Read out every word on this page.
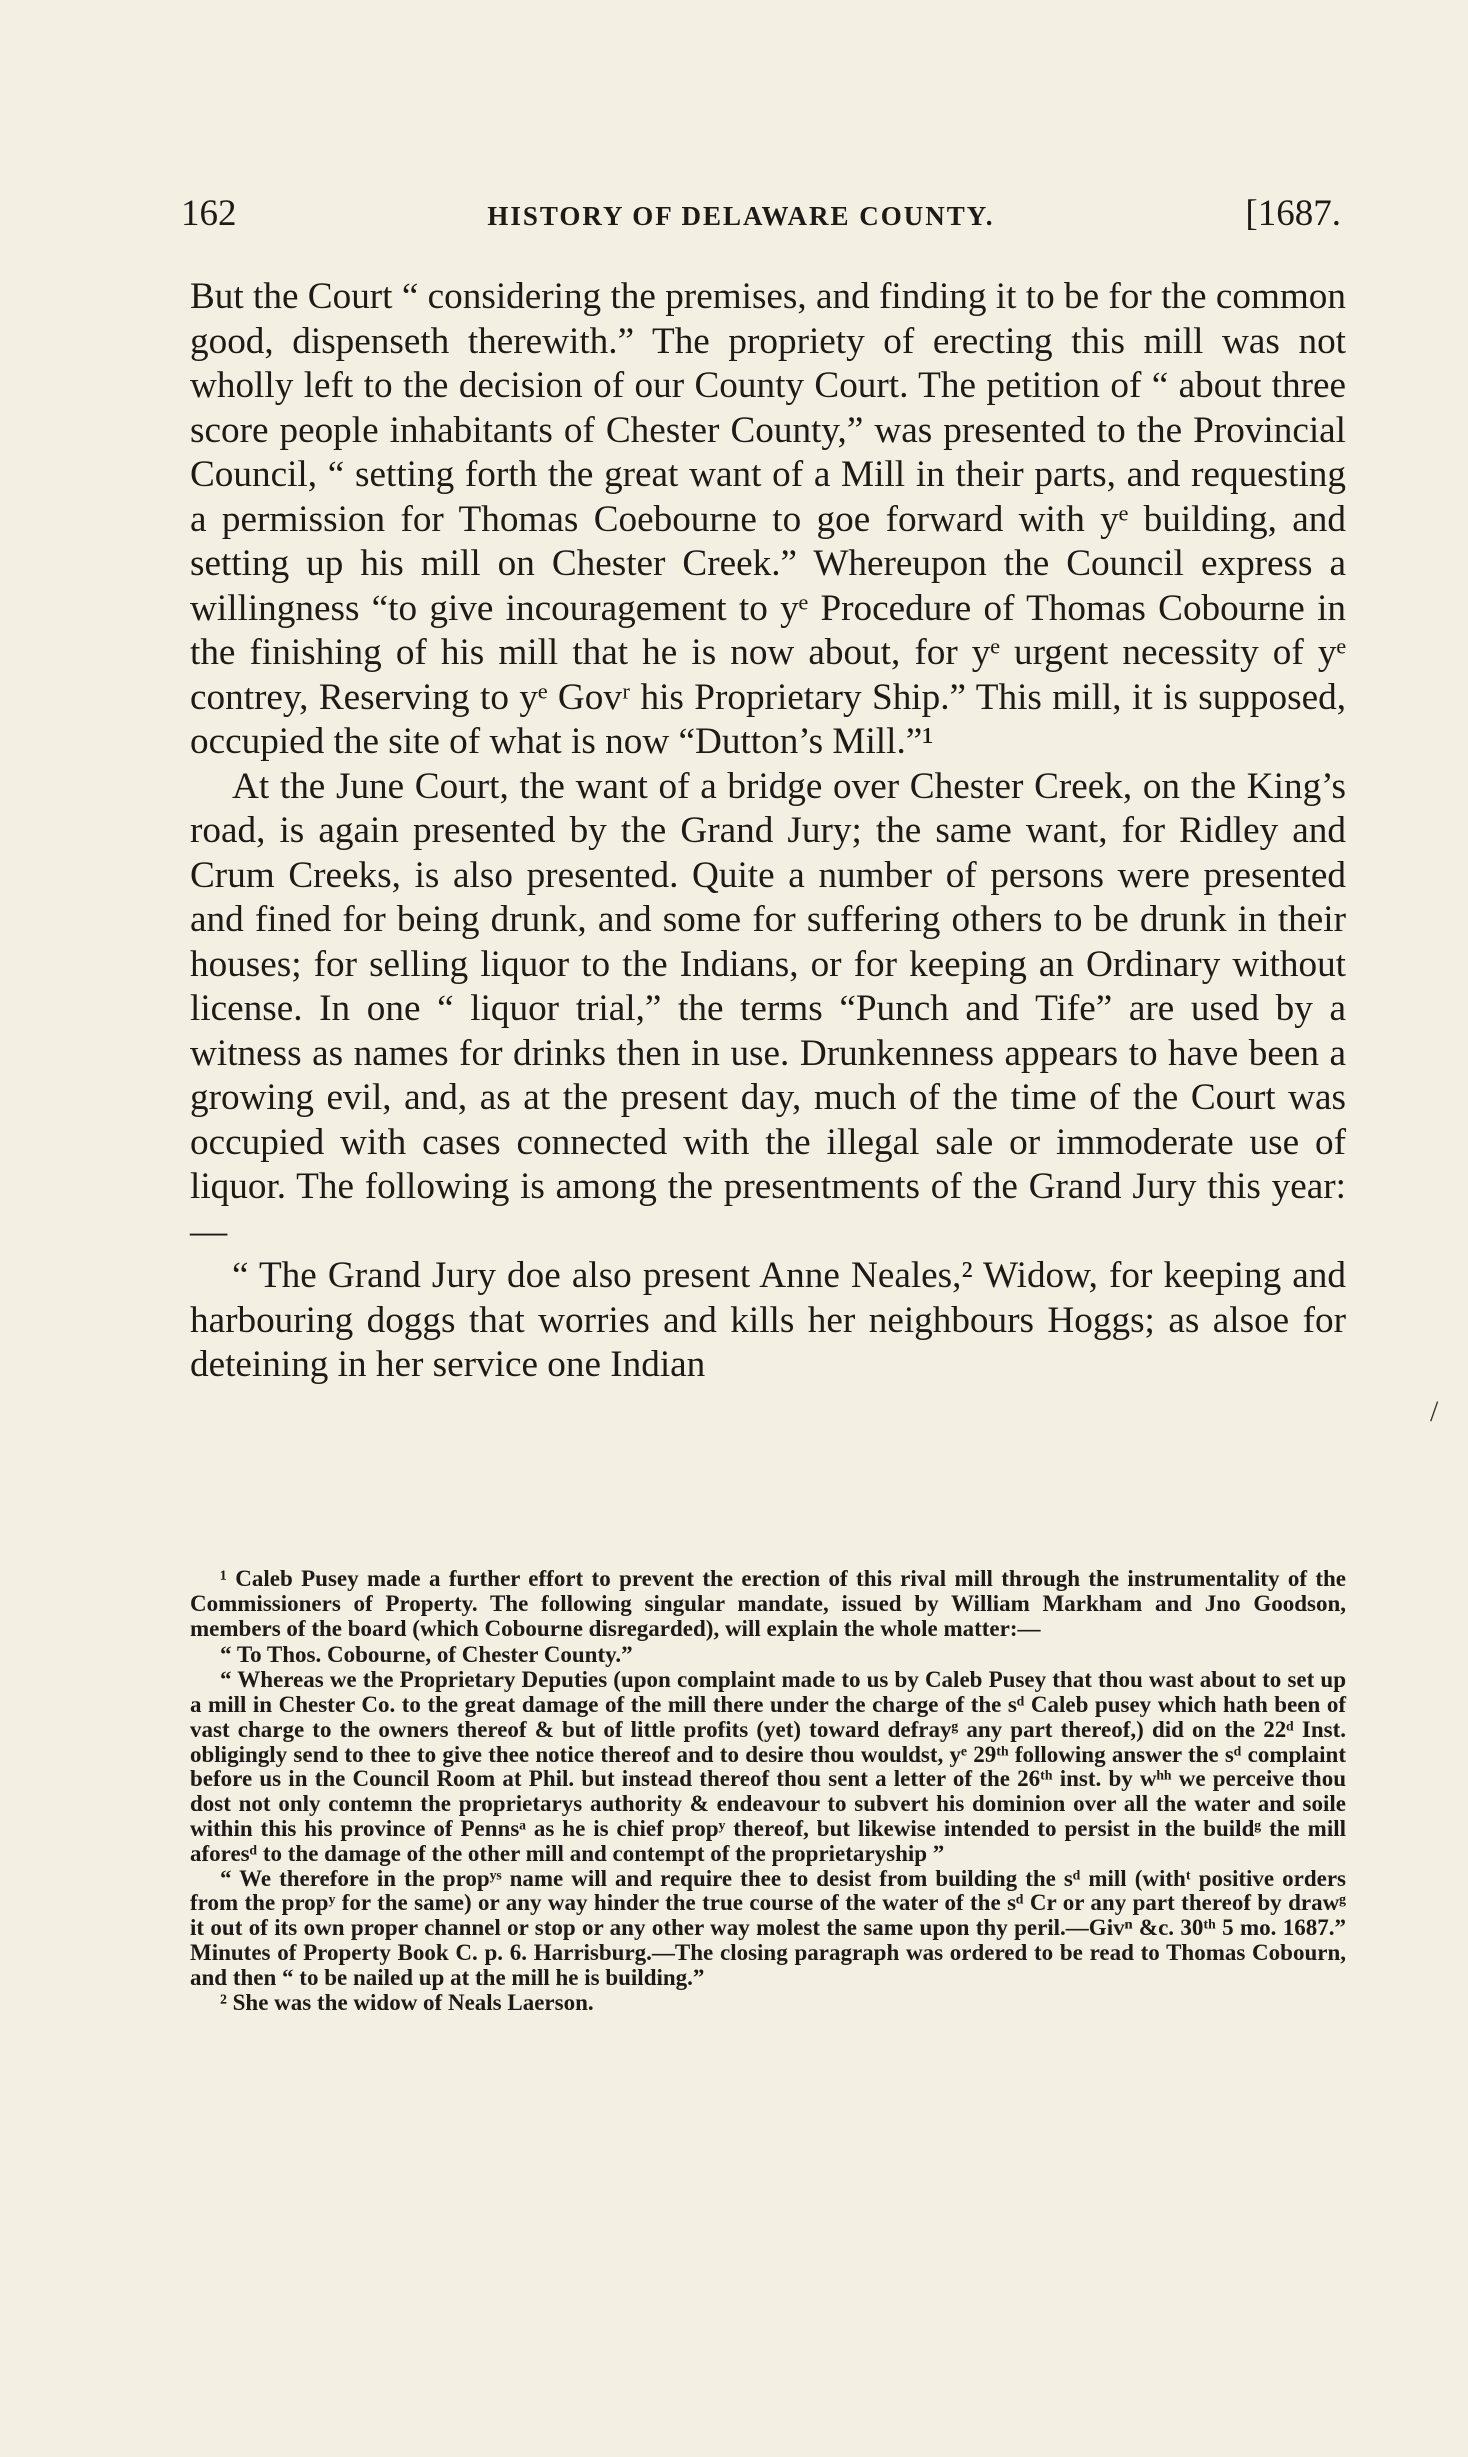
162	HISTORY OF DELAWARE COUNTY.	[1687.

But the Court “ considering the premises, and finding it to be for the common good, dispenseth therewith.” The propriety of erecting this mill was not wholly left to the decision of our County Court. The petition of “ about three score people inhabitants of Chester County,” was presented to the Provincial Council, “ setting forth the great want of a Mill in their parts, and requesting a permission for Thomas Coebourne to goe forward with yᵉ building, and setting up his mill on Chester Creek.” Whereupon the Council express a willingness “to give incouragement to yᵉ Procedure of Thomas Cobourne in the finishing of his mill that he is now about, for yᵉ urgent necessity of yᵉ contrey, Reserving to yᵉ Govʳ his Proprietary Ship.” This mill, it is supposed, occupied the site of what is now “Dutton’s Mill.”¹

At the June Court, the want of a bridge over Chester Creek, on the King’s road, is again presented by the Grand Jury; the same want, for Ridley and Crum Creeks, is also presented. Quite a number of persons were presented and fined for being drunk, and some for suffering others to be drunk in their houses; for selling liquor to the Indians, or for keeping an Ordinary without license. In one “ liquor trial,” the terms “Punch and Tife” are used by a witness as names for drinks then in use. Drunkenness appears to have been a growing evil, and, as at the present day, much of the time of the Court was occupied with cases connected with the illegal sale or immoderate use of liquor. The following is among the presentments of the Grand Jury this year:—

“ The Grand Jury doe also present Anne Neales,² Widow, for keeping and harbouring doggs that worries and kills her neighbours Hoggs; as alsoe for deteining in her service one Indian

¹ Caleb Pusey made a further effort to prevent the erection of this rival mill through the instrumentality of the Commissioners of Property. The following singular mandate, issued by William Markham and Jno Goodson, members of the board (which Cobourne disregarded), will explain the whole matter:—

“ To Thos. Cobourne, of Chester County.”

“ Whereas we the Proprietary Deputies (upon complaint made to us by Caleb Pusey that thou wast about to set up a mill in Chester Co. to the great damage of the mill there under the charge of the sᵈ Caleb pusey which hath been of vast charge to the owners thereof & but of little profits (yet) toward defrayᵍ any part thereof,) did on the 22ᵈ Inst. obligingly send to thee to give thee notice thereof and to desire thou wouldst, yᵉ 29ᵗʰ following answer the sᵈ complaint before us in the Council Room at Phil. but instead thereof thou sent a letter of the 26ᵗʰ inst. by wʰʰ we perceive thou dost not only contemn the proprietarys authority & endeavour to subvert his dominion over all the water and soile within this his province of Pennsᵃ as he is chief propʸ thereof, but likewise intended to persist in the buildᵍ the mill aforesᵈ to the damage of the other mill and contempt of the proprietaryship ”

“ We therefore in the propʸˢ name will and require thee to desist from building the sᵈ mill (withᵗ positive orders from the propʸ for the same) or any way hinder the true course of the water of the sᵈ Cr or any part thereof by drawᵍ it out of its own proper channel or stop or any other way molest the same upon thy peril.—Givⁿ &c. 30ᵗʰ 5 mo. 1687.” Minutes of Property Book C. p. 6. Harrisburg.—The closing paragraph was ordered to be read to Thomas Cobourn, and then “ to be nailed up at the mill he is building.”

² She was the widow of Neals Laerson.

/
